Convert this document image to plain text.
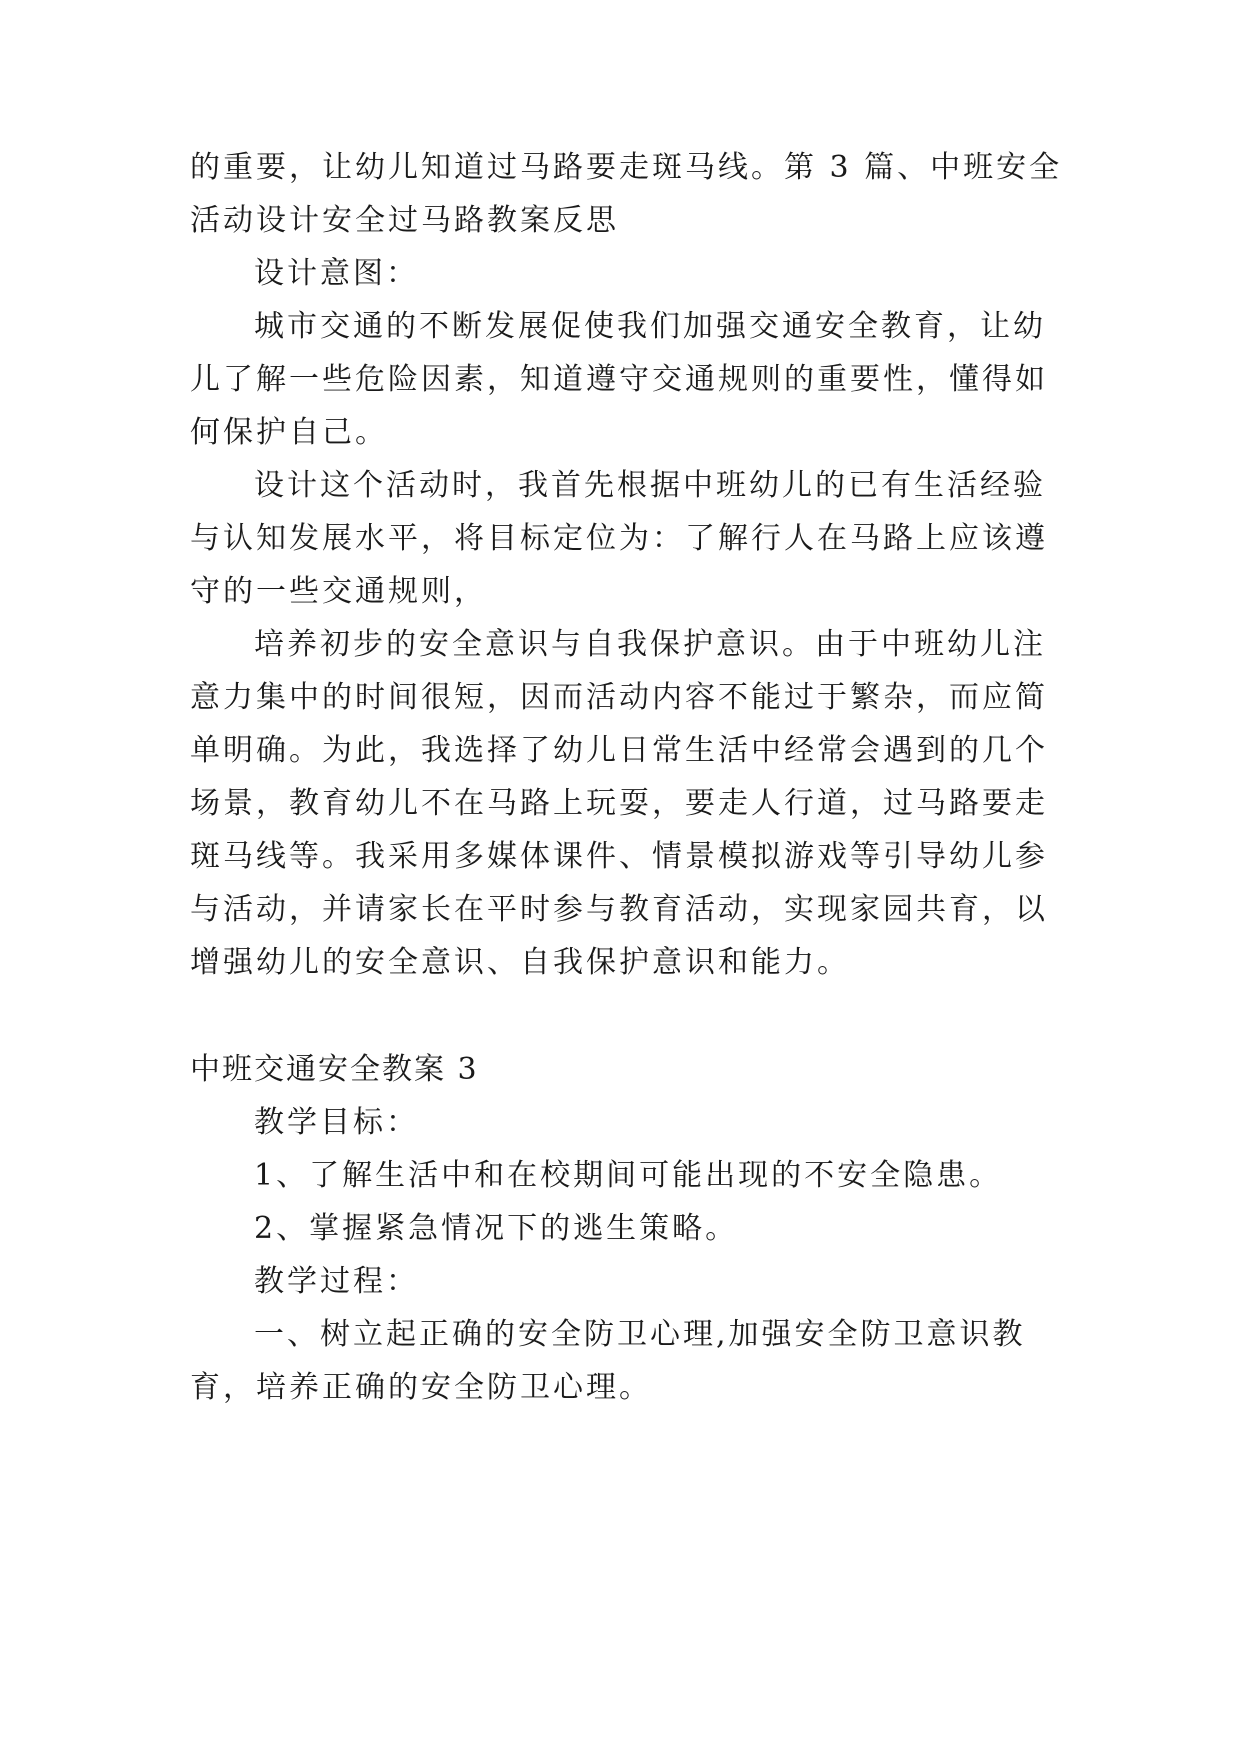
的重要，让幼儿知道过马路要走斑马线。第 3 篇、中班安全
活动设计安全过马路教案反思
设计意图：
城市交通的不断发展促使我们加强交通安全教育，让幼
儿了解一些危险因素，知道遵守交通规则的重要性，懂得如
何保护自己。
设计这个活动时，我首先根据中班幼儿的已有生活经验
与认知发展水平，将目标定位为：了解行人在马路上应该遵
守的一些交通规则，
培养初步的安全意识与自我保护意识。由于中班幼儿注
意力集中的时间很短，因而活动内容不能过于繁杂，而应简
单明确。为此，我选择了幼儿日常生活中经常会遇到的几个
场景，教育幼儿不在马路上玩耍，要走人行道，过马路要走
斑马线等。我采用多媒体课件、情景模拟游戏等引导幼儿参
与活动，并请家长在平时参与教育活动，实现家园共育，以
增强幼儿的安全意识、自我保护意识和能力。
中班交通安全教案 3
教学目标：
1、了解生活中和在校期间可能出现的不安全隐患。
2、掌握紧急情况下的逃生策略。
教学过程：
一、树立起正确的安全防卫心理,加强安全防卫意识教
育，培养正确的安全防卫心理。
